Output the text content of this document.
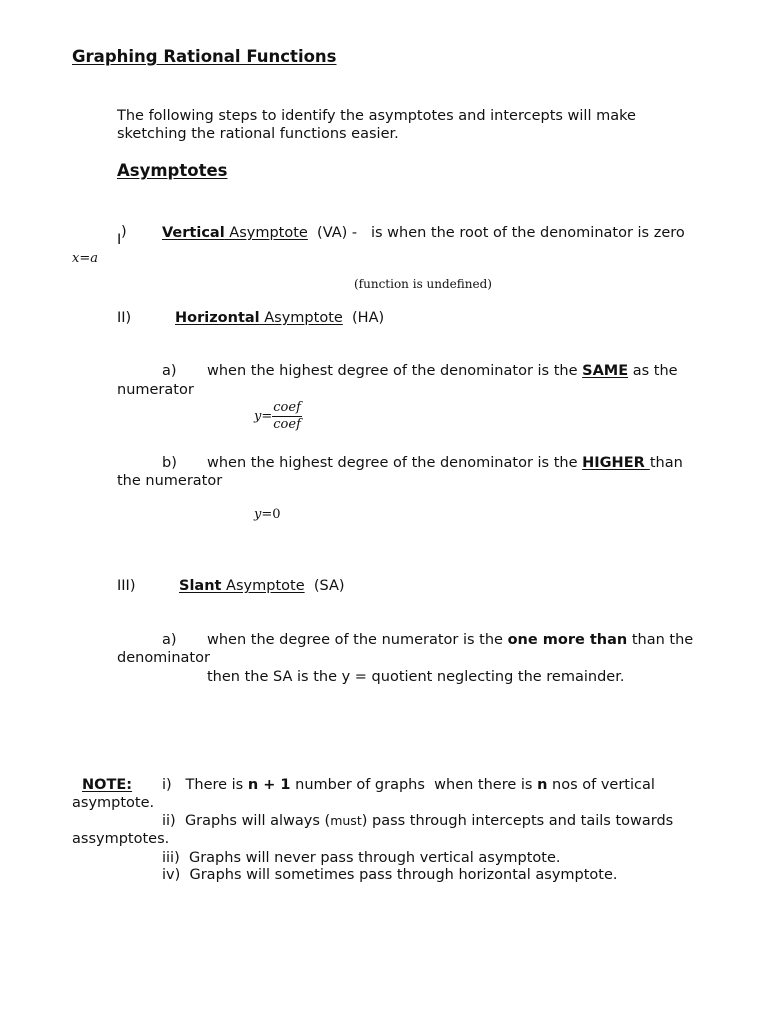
Graphing Rational Functions
The following steps to identify the asymptotes and intercepts will make
sketching the rational functions easier.
Asymptotes
I ) Vertical Asymptote (VA) - is when the root of the denominator is zero
x=a
(function is undefined)
II)	Horizontal Asymptote (HA)
a) when the highest degree of the denominator is the SAME as the
numerator
$y= \frac{\text{coef}}{\text{coef}}$
b) when the highest degree of the denominator is the HIGHER than
the numerator
y=0
III)	Slant Asymptote (SA)
a) when the degree of the numerator is the one more than than the
denominator
then the SA is the y = quotient neglecting the remainder.
NOTE: i) There is n + 1 number of graphs  when there is n nos of vertical
asymptote.
ii) Graphs will always (must) pass through intercepts and tails towards
assymptotes.
iii)  Graphs will never pass through vertical asymptote.
iv)  Graphs will sometimes pass through horizontal asymptote.
